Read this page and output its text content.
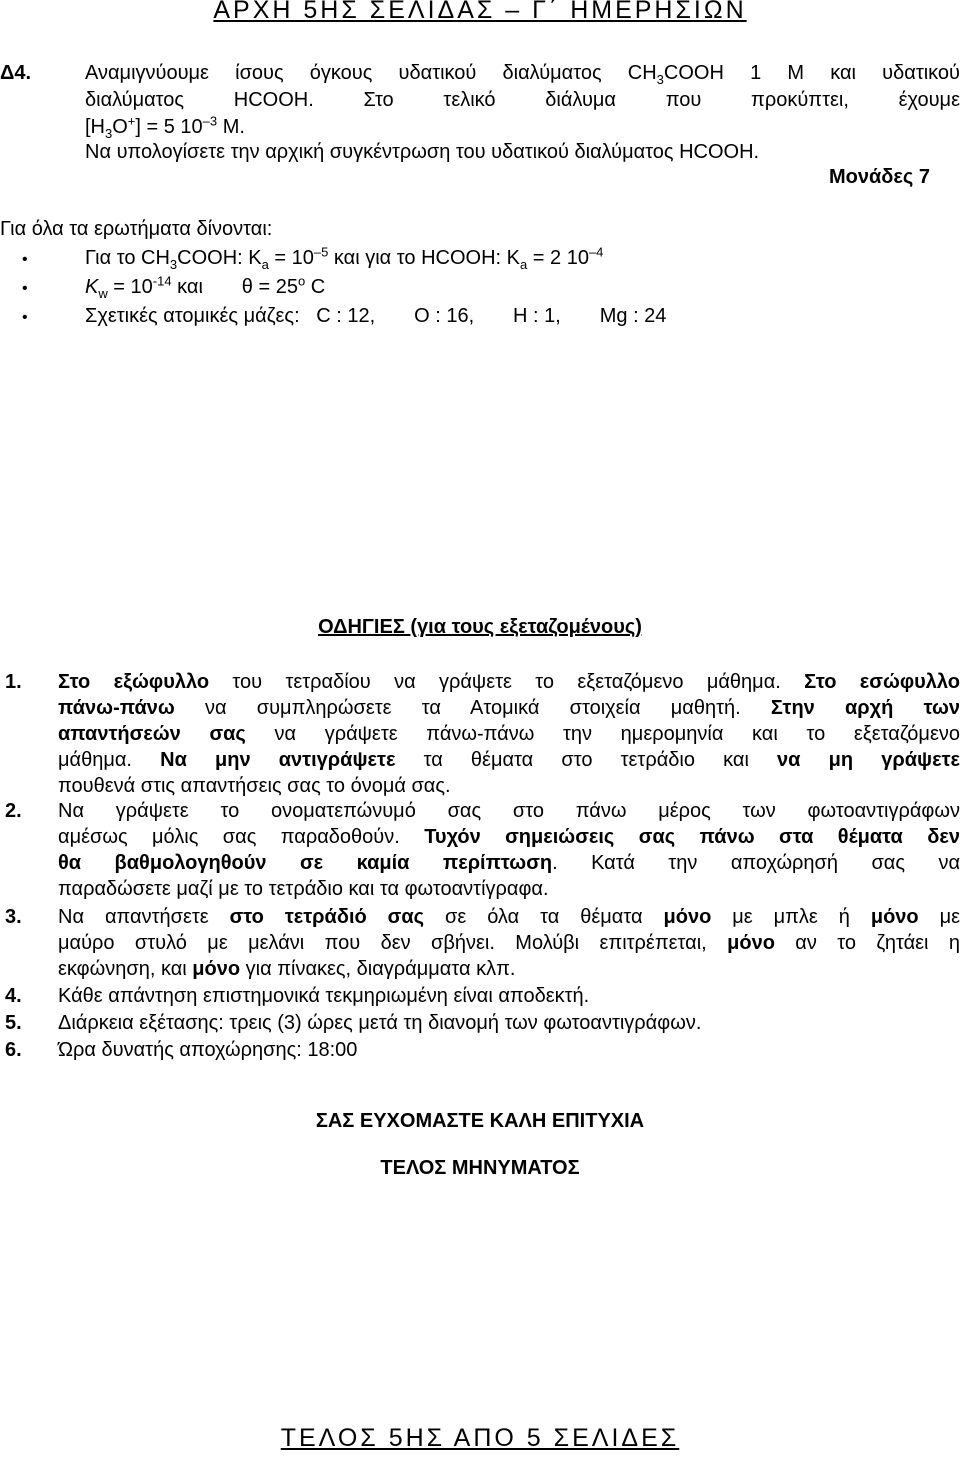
ΑΡΧΗ 5ΗΣ ΣΕΛΙΔΑΣ – Γ΄ ΗΜΕΡΗΣΙΩΝ
Δ4.	Αναμιγνύουμε ίσους όγκους υδατικού διαλύματος $CH_3COOH$ 1 M και υδατικού
διαλύματος HCOOH. Στο τελικό διάλυμα που προκύπτει, έχουμε
$[H_3O^+] = 5$ $10^{-3}$ M.
Να υπολογίσετε την αρχική συγκέντρωση του υδατικού διαλύματος HCOOH.
Μονάδες 7
Για όλα τα ερωτήματα δίνονται:
•	Για το $CH_3COOH$: $K_a = 10^{-5}$ και για το HCOOH: $K_a = 2$ $10^{-4}$
•	$K_w = 10^{-14}$ και       $\theta = 25^o$ C
•	Σχετικές ατομικές μάζες:   C : 12,       O : 16,       H : 1,       Mg : 24
ΟΔΗΓΙΕΣ (για τους εξεταζομένους)
1. Στο εξώφυλλο του τετραδίου να γράψετε το εξεταζόμενο μάθημα. Στο εσώφυλλο
πάνω-πάνω να συμπληρώσετε τα Ατομικά στοιχεία μαθητή. Στην αρχή των
απαντήσεών σας να γράψετε πάνω-πάνω την ημερομηνία και το εξεταζόμενο
μάθημα. Να μην αντιγράψετε τα θέματα στο τετράδιο και να μη γράψετε
πουθενά στις απαντήσεις σας το όνομά σας.
2. Να γράψετε το ονοματεπώνυμό σας στο πάνω μέρος των φωτοαντιγράφων
αμέσως μόλις σας παραδοθούν. Τυχόν σημειώσεις σας πάνω στα θέματα δεν
θα βαθμολογηθούν σε καμία περίπτωση. Κατά την αποχώρησή σας να
παραδώσετε μαζί με το τετράδιο και τα φωτοαντίγραφα.
3. Να απαντήσετε στο τετράδιό σας σε όλα τα θέματα μόνο με μπλε ή μόνο με
μαύρο στυλό με μελάνι που δεν σβήνει. Μολύβι επιτρέπεται, μόνο αν το ζητάει η
εκφώνηση, και μόνο για πίνακες, διαγράμματα κλπ.
4. Κάθε απάντηση επιστημονικά τεκμηριωμένη είναι αποδεκτή.
5. Διάρκεια εξέτασης: τρεις (3) ώρες μετά τη διανομή των φωτοαντιγράφων.
6. Ώρα δυνατής αποχώρησης: 18:00
ΣΑΣ ΕΥΧΟΜΑΣΤΕ ΚΑΛΗ ΕΠΙΤΥΧΙΑ
ΤΕΛΟΣ ΜΗΝΥΜΑΤΟΣ
ΤΕΛΟΣ 5ΗΣ ΑΠΟ 5 ΣΕΛΙΔΕΣ
